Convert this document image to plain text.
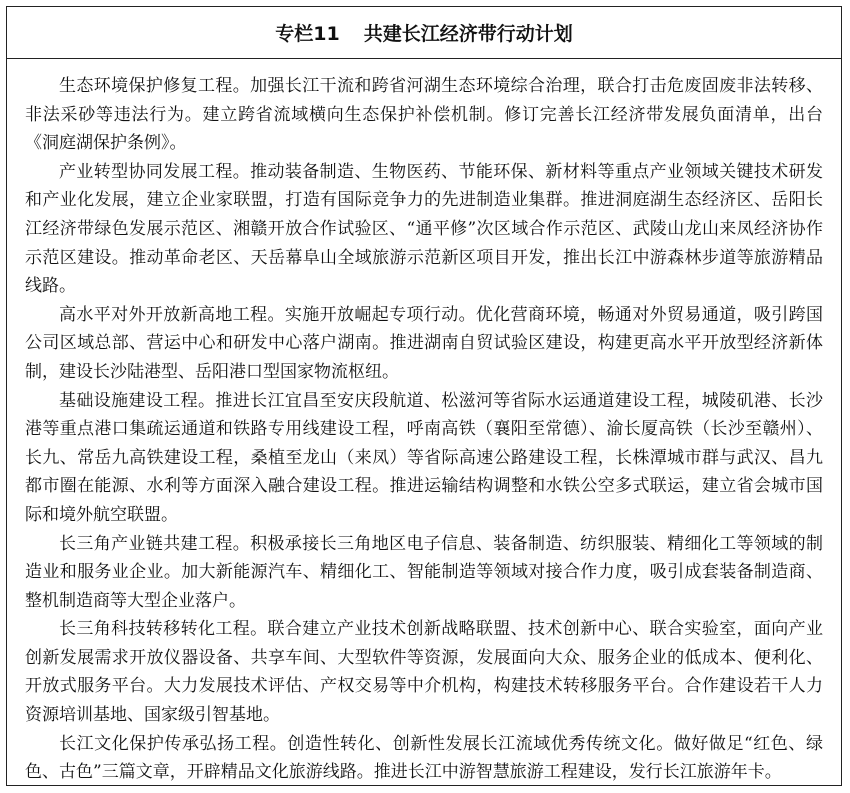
专栏11 共建长江经济带行动计划

生态环境保护修复工程。加强长江干流和跨省河湖生态环境综合治理，联合打击危废固废非法转移、非法采砂等违法行为。建立跨省流域横向生态保护补偿机制。修订完善长江经济带发展负面清单，出台《洞庭湖保护条例》。

产业转型协同发展工程。推动装备制造、生物医药、节能环保、新材料等重点产业领域关键技术研发和产业化发展，建立企业家联盟，打造有国际竞争力的先进制造业集群。推进洞庭湖生态经济区、岳阳长江经济带绿色发展示范区、湘赣开放合作试验区、“通平修”次区域合作示范区、武陵山龙山来凤经济协作示范区建设。推动革命老区、天岳幕阜山全域旅游示范新区项目开发，推出长江中游森林步道等旅游精品线路。

高水平对外开放新高地工程。实施开放崛起专项行动。优化营商环境，畅通对外贸易通道，吸引跨国公司区域总部、营运中心和研发中心落户湖南。推进湖南自贸试验区建设，构建更高水平开放型经济新体制，建设长沙陆港型、岳阳港口型国家物流枢纽。

基础设施建设工程。推进长江宜昌至安庆段航道、松滋河等省际水运通道建设工程，城陵矶港、长沙港等重点港口集疏运通道和铁路专用线建设工程，呼南高铁（襄阳至常德）、渝长厦高铁（长沙至赣州）、长九、常岳九高铁建设工程，桑植至龙山（来凤）等省际高速公路建设工程，长株潭城市群与武汉、昌九都市圈在能源、水利等方面深入融合建设工程。推进运输结构调整和水铁公空多式联运，建立省会城市国际和境外航空联盟。

长三角产业链共建工程。积极承接长三角地区电子信息、装备制造、纺织服装、精细化工等领域的制造业和服务业企业。加大新能源汽车、精细化工、智能制造等领域对接合作力度，吸引成套装备制造商、整机制造商等大型企业落户。

长三角科技转移转化工程。联合建立产业技术创新战略联盟、技术创新中心、联合实验室，面向产业创新发展需求开放仪器设备、共享车间、大型软件等资源，发展面向大众、服务企业的低成本、便利化、开放式服务平台。大力发展技术评估、产权交易等中介机构，构建技术转移服务平台。合作建设若干人力资源培训基地、国家级引智基地。

长江文化保护传承弘扬工程。创造性转化、创新性发展长江流域优秀传统文化。做好做足“红色、绿色、古色”三篇文章，开辟精品文化旅游线路。推进长江中游智慧旅游工程建设，发行长江旅游年卡。
